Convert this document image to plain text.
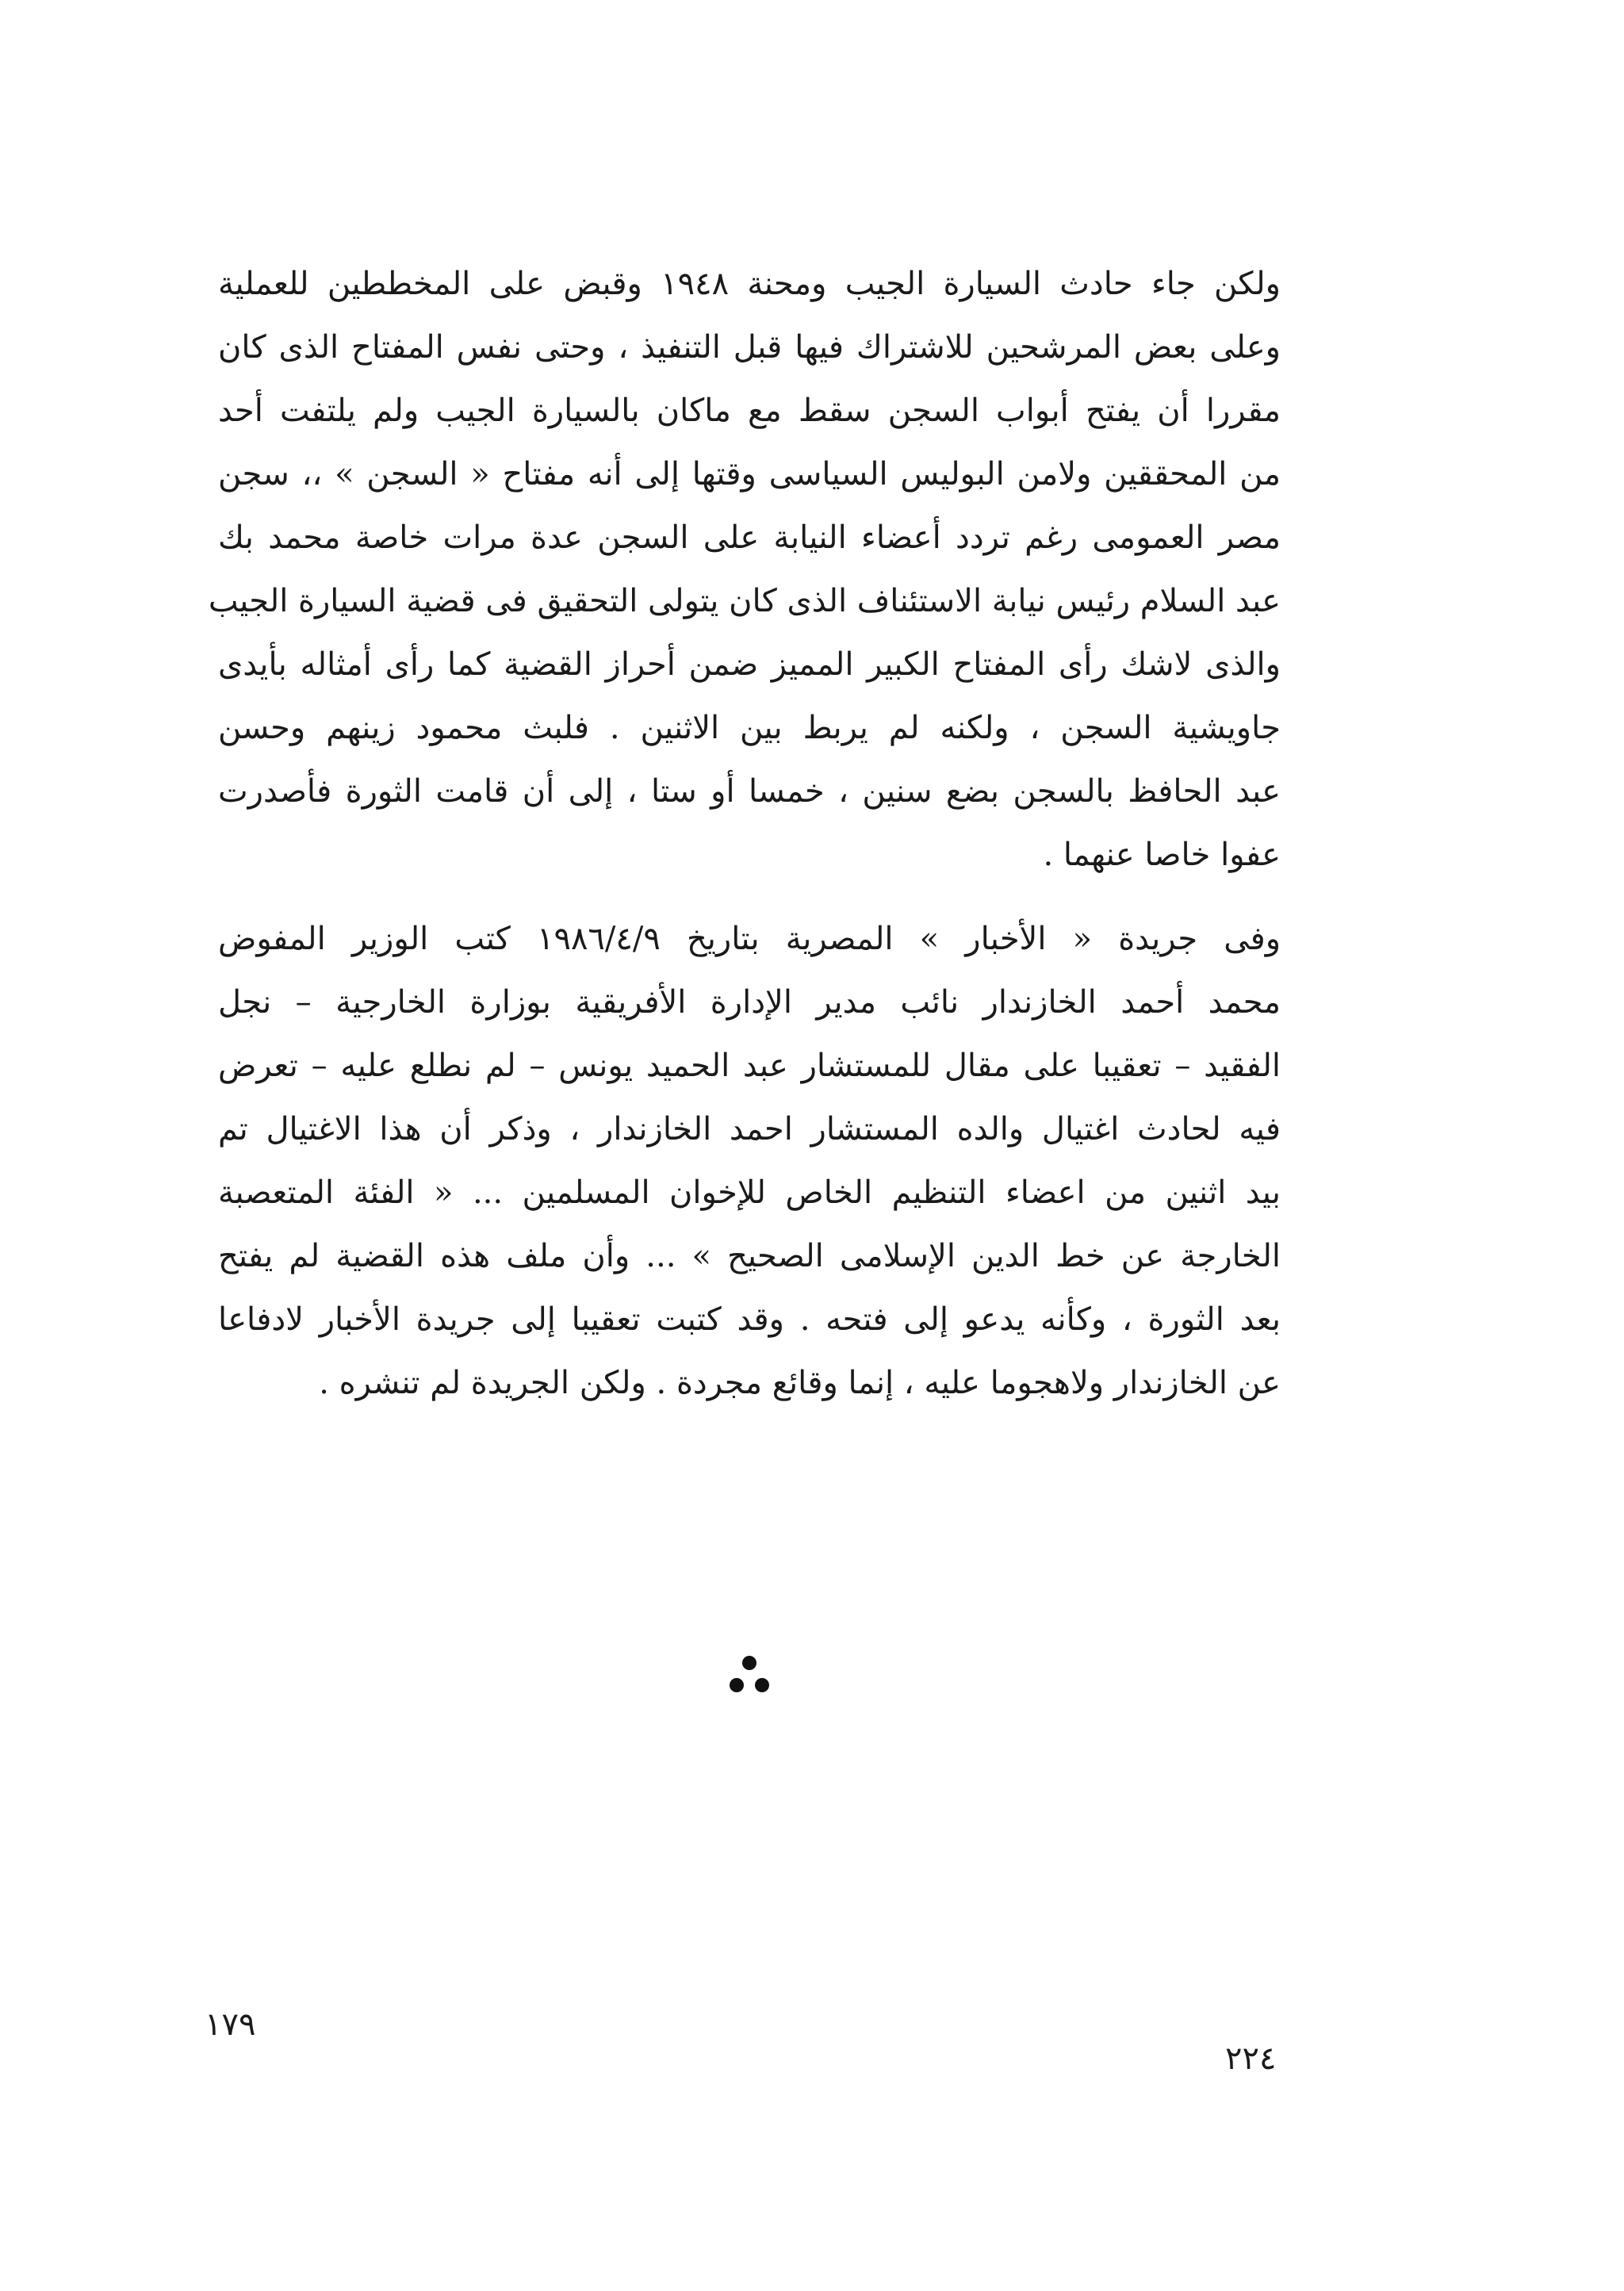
ولكن جاء حادث السيارة الجيب ومحنة ١٩٤٨ وقبض على المخططين للعملية
وعلى بعض المرشحين للاشتراك فيها قبل التنفيذ ، وحتى نفس المفتاح الذى كان
مقررا أن يفتح أبواب السجن سقط مع ماكان بالسيارة الجيب ولم يلتفت أحد
من المحققين ولامن البوليس السياسى وقتها إلى أنه مفتاح « السجن » ،، سجن
مصر العمومى رغم تردد أعضاء النيابة على السجن عدة مرات خاصة محمد بك
عبد السلام رئيس نيابة الاستئناف الذى كان يتولى التحقيق فى قضية السيارة الجيب
والذى لاشك رأى المفتاح الكبير المميز ضمن أحراز القضية كما رأى أمثاله بأيدى
جاويشية السجن ، ولكنه لم يربط بين الاثنين . فلبث محمود زينهم وحسن
عبد الحافظ بالسجن بضع سنين ، خمسا أو ستا ، إلى أن قامت الثورة فأصدرت
عفوا خاصا عنهما .

وفى جريدة « الأخبار » المصرية بتاريخ ١٩٨٦/٤/٩ كتب الوزير المفوض
محمد أحمد الخازندار نائب مدير الإدارة الأفريقية بوزارة الخارجية – نجل
الفقيد – تعقيبا على مقال للمستشار عبد الحميد يونس – لم نطلع عليه – تعرض
فيه لحادث اغتيال والده المستشار احمد الخازندار ، وذكر أن هذا الاغتيال تم
بيد اثنين من اعضاء التنظيم الخاص للإخوان المسلمين ... « الفئة المتعصبة
الخارجة عن خط الدين الإسلامى الصحيح » ... وأن ملف هذه القضية لم يفتح
بعد الثورة ، وكأنه يدعو إلى فتحه . وقد كتبت تعقيبا إلى جريدة الأخبار لادفاعا
عن الخازندار ولاهجوما عليه ، إنما وقائع مجردة . ولكن الجريدة لم تنشره .

١٧٩
٢٢٤
